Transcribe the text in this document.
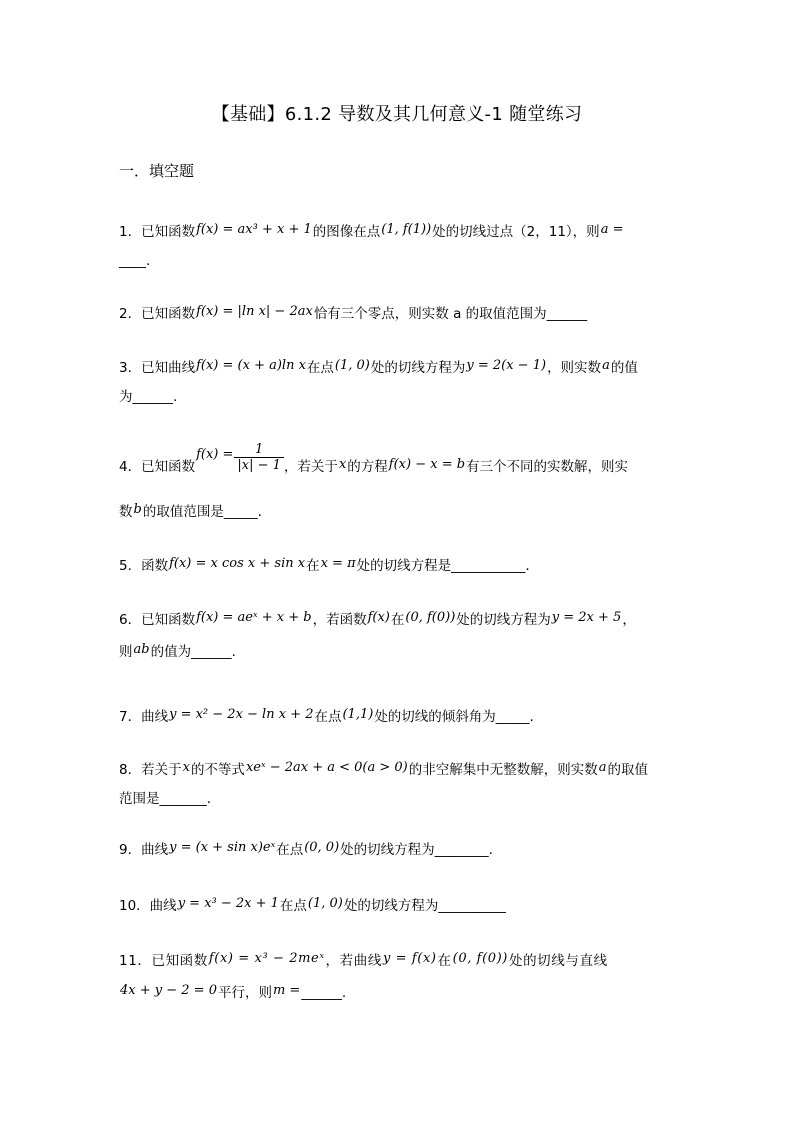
【基础】6.1.2 导数及其几何意义-1 随堂练习
一．填空题
1．已知函数f(x) = ax³ + x + 1的图像在点(1, f(1))处的切线过点（2，11），则a =
____.
2．已知函数f(x) = |ln x| − 2ax恰有三个零点，则实数 a 的取值范围为______
3．已知曲线f(x) = (x + a)ln x在点(1, 0)处的切线方程为y = 2(x − 1)，则实数a的值
为______.
4．已知函数$f(x) = \frac{1}{|x| - 1}$ ，若关于x的方程f(x) − x = b有三个不同的实数解，则实
数b的取值范围是_____.
5．函数f(x) = x cos x + sin x在x = π处的切线方程是___________.
6．已知函数f(x) = aeˣ + x + b，若函数f(x)在(0, f(0))处的切线方程为y = 2x + 5，
则ab的值为______.
7．曲线y = x² − 2x − ln x + 2在点(1,1)处的切线的倾斜角为_____.
8．若关于x的不等式xeˣ − 2ax + a < 0(a > 0)的非空解集中无整数解，则实数a的取值
范围是_______.
9．曲线y = (x + sin x)eˣ在点(0, 0)处的切线方程为________.
10．曲线y = x³ − 2x + 1在点(1, 0)处的切线方程为__________
11．已知函数f(x) = x³ − 2meˣ，若曲线y = f(x)在(0, f(0))处的切线与直线
4x + y − 2 = 0平行，则m =______.
